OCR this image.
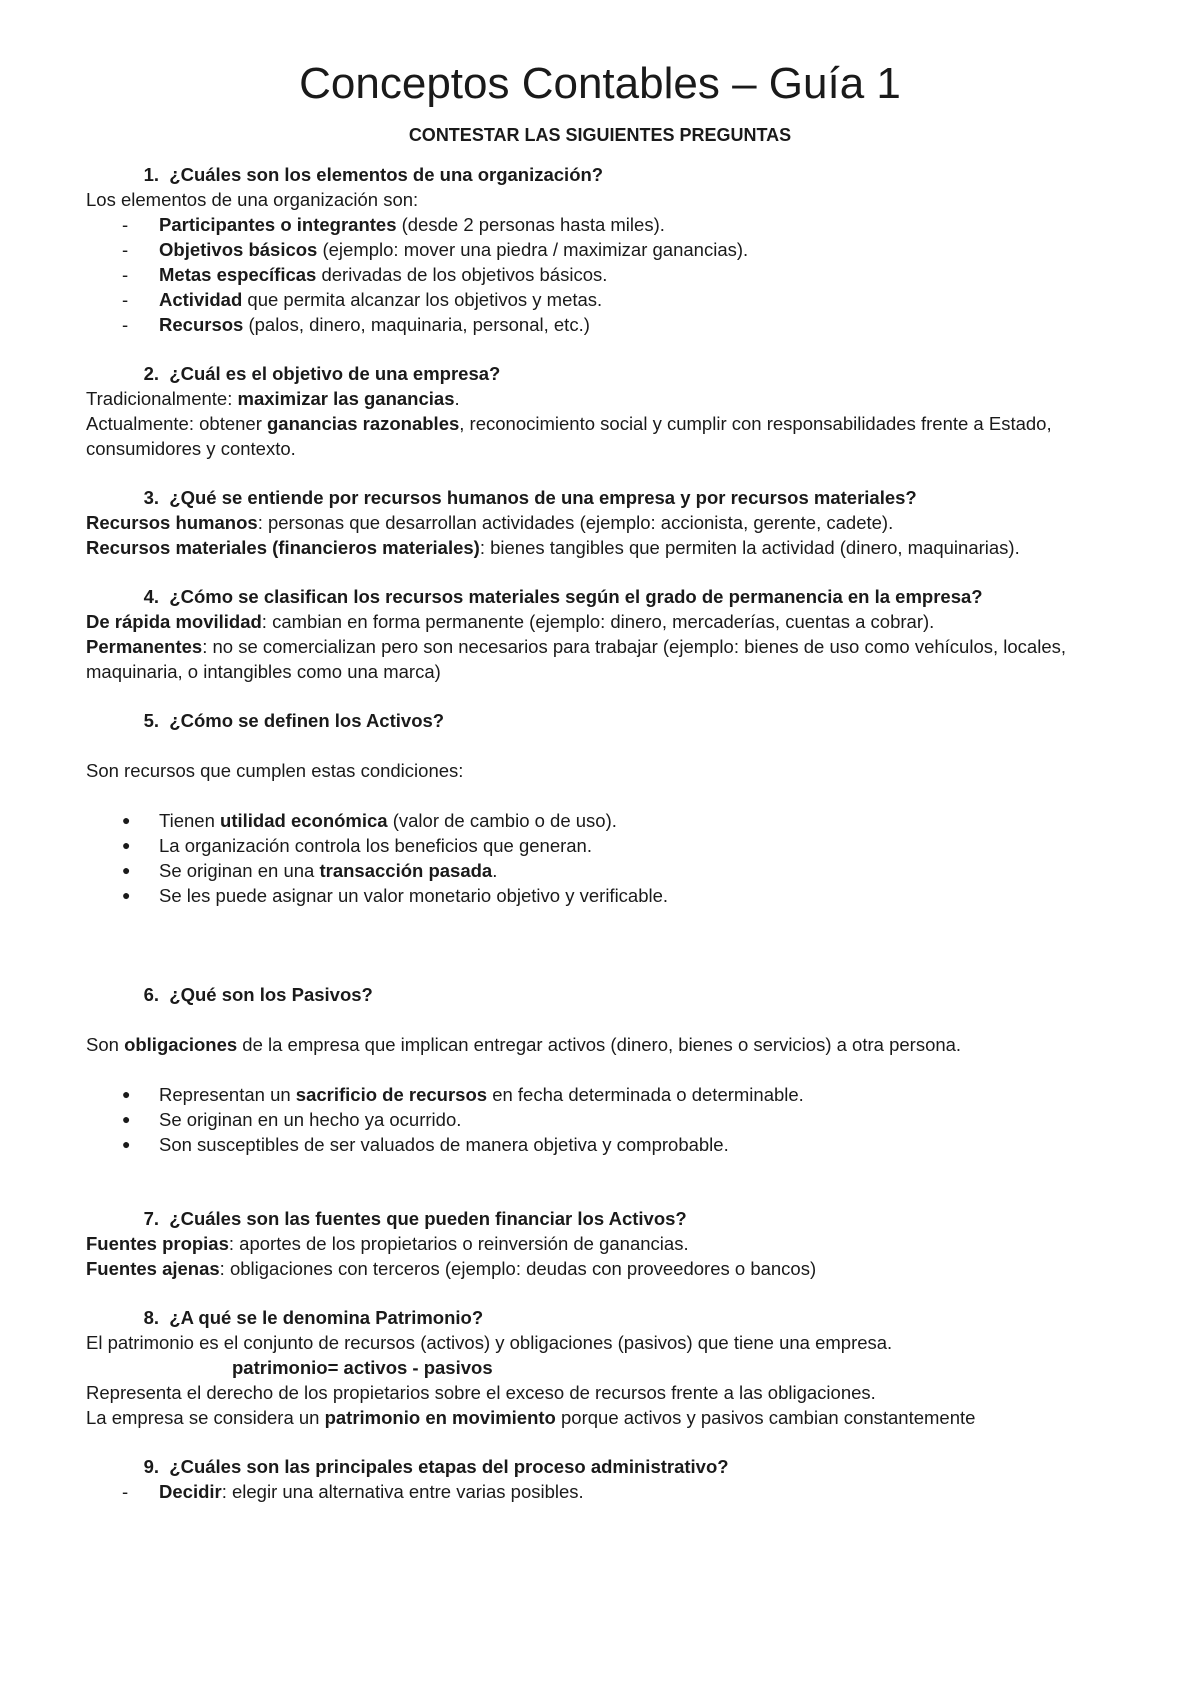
Conceptos Contables – Guía 1
CONTESTAR LAS SIGUIENTES PREGUNTAS
1.
¿Cuáles son los elementos de una organización?

Los elementos de una organización son:

-	Participantes o integrantes (desde 2 personas hasta miles).
-	Objetivos básicos (ejemplo: mover una piedra / maximizar ganancias).
-	Metas específicas derivadas de los objetivos básicos.
-	Actividad que permita alcanzar los objetivos y metas.
-	Recursos (palos, dinero, maquinaria, personal, etc.)
2.
¿Cuál es el objetivo de una empresa?

Tradicionalmente: maximizar las ganancias.

Actualmente: obtener ganancias razonables, reconocimiento social y cumplir con responsabilidades frente a Estado, consumidores y contexto.

3.
¿Qué se entiende por recursos humanos de una empresa y por recursos materiales?

Recursos humanos: personas que desarrollan actividades (ejemplo: accionista, gerente, cadete).

Recursos materiales (financieros materiales): bienes tangibles que permiten la actividad (dinero, maquinarias).

4.
¿Cómo se clasifican los recursos materiales según el grado de permanencia en la empresa?

De rápida movilidad: cambian en forma permanente (ejemplo: dinero, mercaderías, cuentas a cobrar).

Permanentes: no se comercializan pero son necesarios para trabajar (ejemplo: bienes de uso como vehículos, locales, maquinaria, o intangibles como una marca)

5.
¿Cómo se definen los Activos?

Son recursos que cumplen estas condiciones:

●	Tienen utilidad económica (valor de cambio o de uso).
●	La organización controla los beneficios que generan.
●	Se originan en una transacción pasada.
●	Se les puede asignar un valor monetario objetivo y verificable.
6.
¿Qué son los Pasivos?

Son obligaciones de la empresa que implican entregar activos (dinero, bienes o servicios) a otra persona.

●	Representan un sacrificio de recursos en fecha determinada o determinable.
●	Se originan en un hecho ya ocurrido.
●	Son susceptibles de ser valuados de manera objetiva y comprobable.
7.
¿Cuáles son las fuentes que pueden financiar los Activos?

Fuentes propias: aportes de los propietarios o reinversión de ganancias.

Fuentes ajenas: obligaciones con terceros (ejemplo: deudas con proveedores o bancos)

8.
¿A qué se le denomina Patrimonio?

El patrimonio es el conjunto de recursos (activos) y obligaciones (pasivos) que tiene una empresa.

patrimonio= activos - pasivos

Representa el derecho de los propietarios sobre el exceso de recursos frente a las obligaciones.

La empresa se considera un patrimonio en movimiento porque activos y pasivos cambian constantemente

9.
¿Cuáles son las principales etapas del proceso administrativo?
-	Decidir: elegir una alternativa entre varias posibles.
